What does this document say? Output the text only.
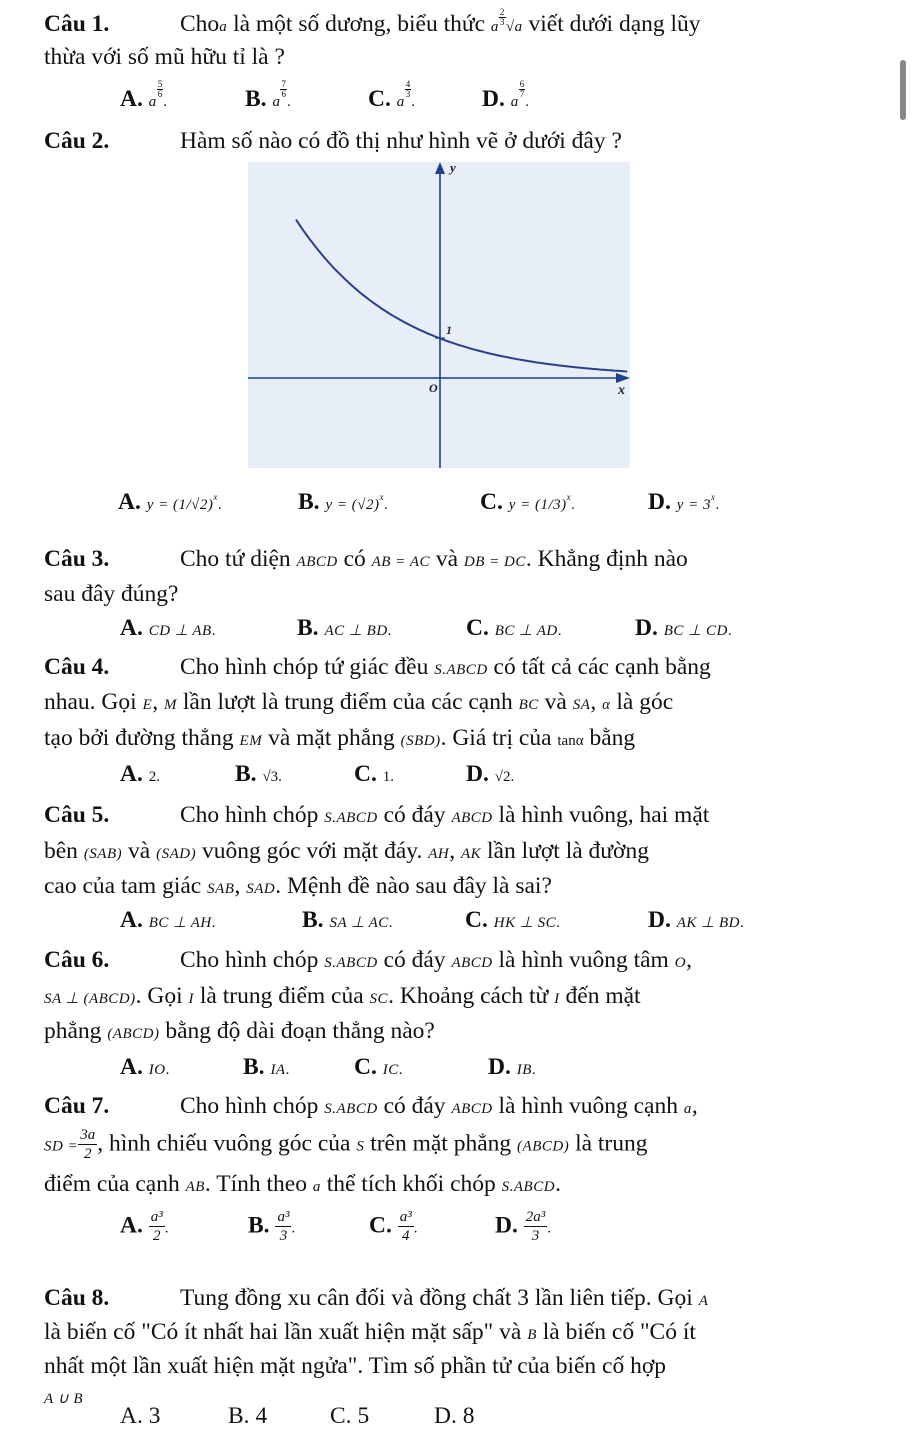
Câu 1.	Choa là một số dương, biểu thức a $\frac{2}{3} √a$ viết dưới dạng lũy
thừa với số mũ hữu tỉ là ?
A. a
$\frac{5}{6}$
.	B. a
$\frac{7}{6}$
.	C. a
$\frac{4}{3}$
.	D. a
$\frac{6}{7}$
.
Câu 2.	Hàm số nào có đồ thị như hình vẽ ở dưới đây ?
y
x
O
1
A. $y = (1/√2)^x$.	B. $y = (√2)^x$.	C. $y = (1/3)^x$.	D. $y = 3^x$.
Câu 3.	Cho tứ diện ABCD có AB = AC và DB = DC. Khẳng định nào
sau đây đúng?
A. CD ⊥ AB.	B. AC ⊥ BD.	C. BC ⊥ AD.	D. BC ⊥ CD.
Câu 4.	Cho hình chóp tứ giác đều S.ABCD có tất cả các cạnh bằng
nhau. Gọi E, M lần lượt là trung điểm của các cạnh BC và SA, α là góc
tạo bởi đường thẳng EM và mặt phẳng (SBD). Giá trị của tanα bằng
A. 2.	B. √3.	C. 1.	D. √2.
Câu 5.	Cho hình chóp S.ABCD có đáy ABCD là hình vuông, hai mặt
bên (SAB) và (SAD) vuông góc với mặt đáy. AH, AK lần lượt là đường
cao của tam giác SAB, SAD. Mệnh đề nào sau đây là sai?
A. BC ⊥ AH.	B. SA ⊥ AC.	C. HK ⊥ SC.	D. AK ⊥ BD.
Câu 6.	Cho hình chóp S.ABCD có đáy ABCD là hình vuông tâm O,
SA ⊥ (ABCD). Gọi I là trung điểm của SC. Khoảng cách từ I đến mặt
phẳng (ABCD) bằng độ dài đoạn thẳng nào?
A. IO.	B. IA.	C. IC.	D. IB.
Câu 7.	Cho hình chóp S.ABCD có đáy ABCD là hình vuông cạnh a,
SD = $\frac{3a}{2}$ , hình chiếu vuông góc của S trên mặt phẳng (ABCD) là trung
điểm của cạnh AB. Tính theo a thể tích khối chóp S.ABCD.
A. $\frac{\text{a³}}{2}$ .	B. $\frac{\text{a³}}{3}$ .	C. $\frac{\text{a³}}{4}$ .	D. $\frac{\text{2a³}}{3}$ .
Câu 8.	Tung đồng xu cân đối và đồng chất 3 lần liên tiếp. Gọi A
là biến cố "Có ít nhất hai lần xuất hiện mặt sấp" và B là biến cố "Có ít
nhất một lần xuất hiện mặt ngửa". Tìm số phần tử của biến cố hợp
A ∪ B
A. 3	B. 4	C. 5	D. 8
